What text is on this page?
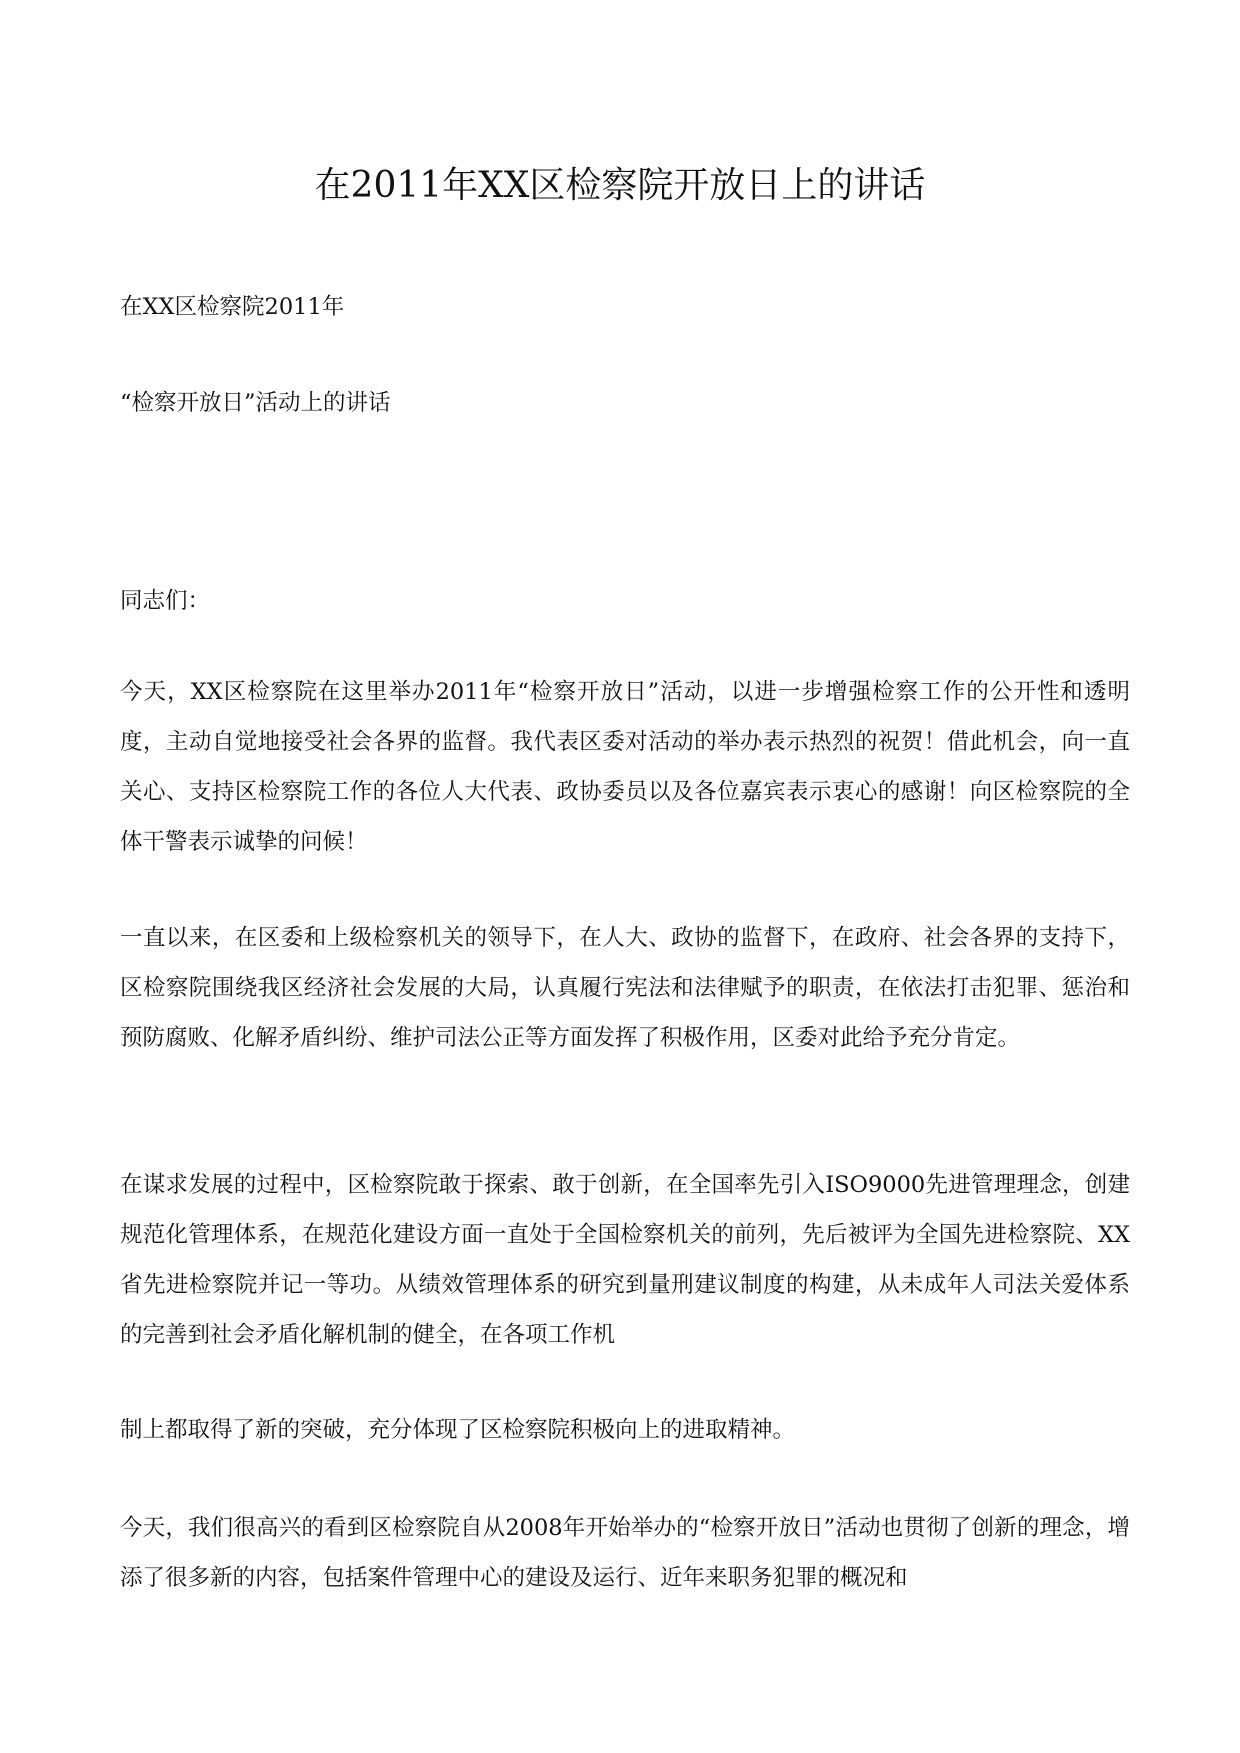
在2011年XX区检察院开放日上的讲话
在XX区检察院2011年
“检察开放日”活动上的讲话
同志们：
今天，XX区检察院在这里举办2011年“检察开放日”活动，以进一步增强检察工作的公开性和透明度，主动自觉地接受社会各界的监督。我代表区委对活动的举办表示热烈的祝贺！借此机会，向一直关心、支持区检察院工作的各位人大代表、政协委员以及各位嘉宾表示衷心的感谢！向区检察院的全体干警表示诚挚的问候！
一直以来，在区委和上级检察机关的领导下，在人大、政协的监督下，在政府、社会各界的支持下，区检察院围绕我区经济社会发展的大局，认真履行宪法和法律赋予的职责，在依法打击犯罪、惩治和预防腐败、化解矛盾纠纷、维护司法公正等方面发挥了积极作用，区委对此给予充分肯定。
在谋求发展的过程中，区检察院敢于探索、敢于创新，在全国率先引入ISO9000先进管理理念，创建规范化管理体系，在规范化建设方面一直处于全国检察机关的前列，先后被评为全国先进检察院、XX省先进检察院并记一等功。从绩效管理体系的研究到量刑建议制度的构建，从未成年人司法关爱体系的完善到社会矛盾化解机制的健全，在各项工作机
制上都取得了新的突破，充分体现了区检察院积极向上的进取精神。
今天，我们很高兴的看到区检察院自从2008年开始举办的“检察开放日”活动也贯彻了创新的理念，增添了很多新的内容，包括案件管理中心的建设及运行、近年来职务犯罪的概况和
